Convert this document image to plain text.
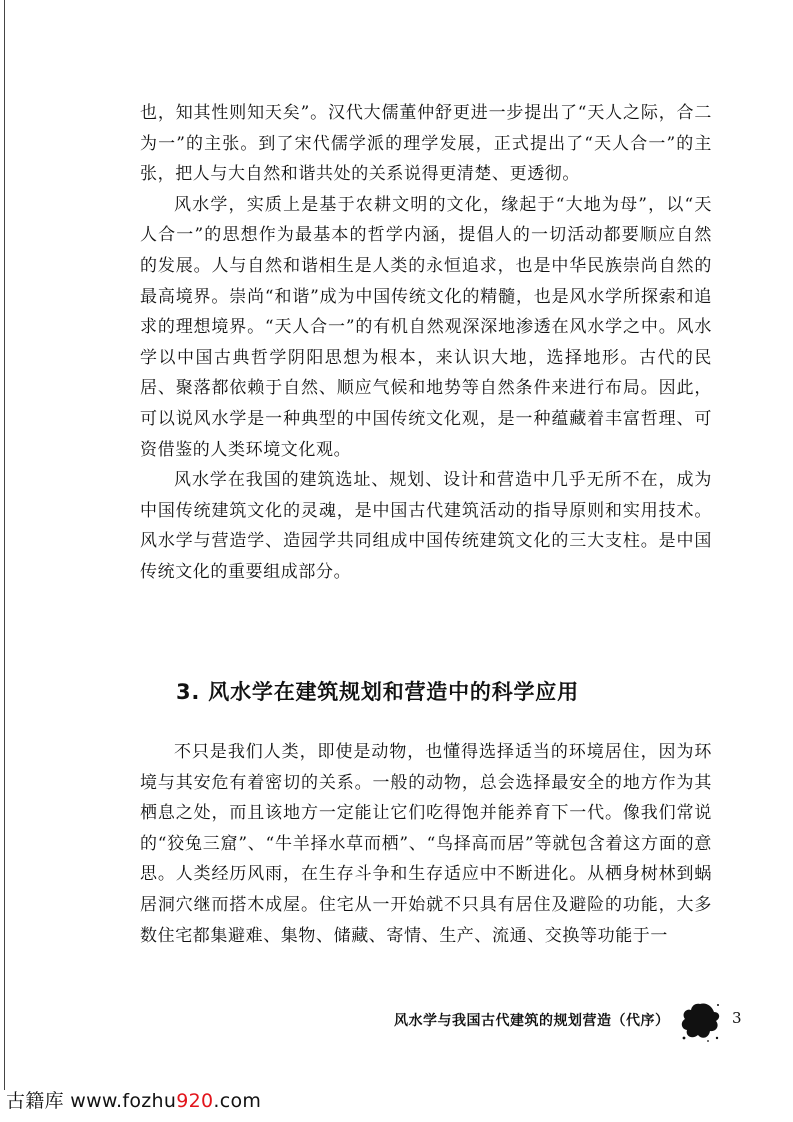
也，知其性则知天矣”。汉代大儒董仲舒更进一步提出了“天人之际，合二为一”的主张。到了宋代儒学派的理学发展，正式提出了“天人合一”的主张，把人与大自然和谐共处的关系说得更清楚、更透彻。

风水学，实质上是基于农耕文明的文化，缘起于“大地为母”，以“天人合一”的思想作为最基本的哲学内涵，提倡人的一切活动都要顺应自然的发展。人与自然和谐相生是人类的永恒追求，也是中华民族崇尚自然的最高境界。崇尚“和谐”成为中国传统文化的精髓，也是风水学所探索和追求的理想境界。“天人合一”的有机自然观深深地渗透在风水学之中。风水学以中国古典哲学阴阳思想为根本，来认识大地，选择地形。古代的民居、聚落都依赖于自然、顺应气候和地势等自然条件来进行布局。因此，可以说风水学是一种典型的中国传统文化观，是一种蕴藏着丰富哲理、可资借鉴的人类环境文化观。

风水学在我国的建筑选址、规划、设计和营造中几乎无所不在，成为中国传统建筑文化的灵魂，是中国古代建筑活动的指导原则和实用技术。风水学与营造学、造园学共同组成中国传统建筑文化的三大支柱。是中国传统文化的重要组成部分。

3. 风水学在建筑规划和营造中的科学应用

不只是我们人类，即使是动物，也懂得选择适当的环境居住，因为环境与其安危有着密切的关系。一般的动物，总会选择最安全的地方作为其栖息之处，而且该地方一定能让它们吃得饱并能养育下一代。像我们常说的“狡兔三窟”、“牛羊择水草而栖”、“鸟择高而居”等就包含着这方面的意思。人类经历风雨，在生存斗争和生存适应中不断进化。从栖身树林到蜗居洞穴继而搭木成屋。住宅从一开始就不只具有居住及避险的功能，大多数住宅都集避难、集物、储藏、寄情、生产、流通、交换等功能于一

风水学与我国古代建筑的规划营造（代序）	3
古籍库 www.fozhu920.com
